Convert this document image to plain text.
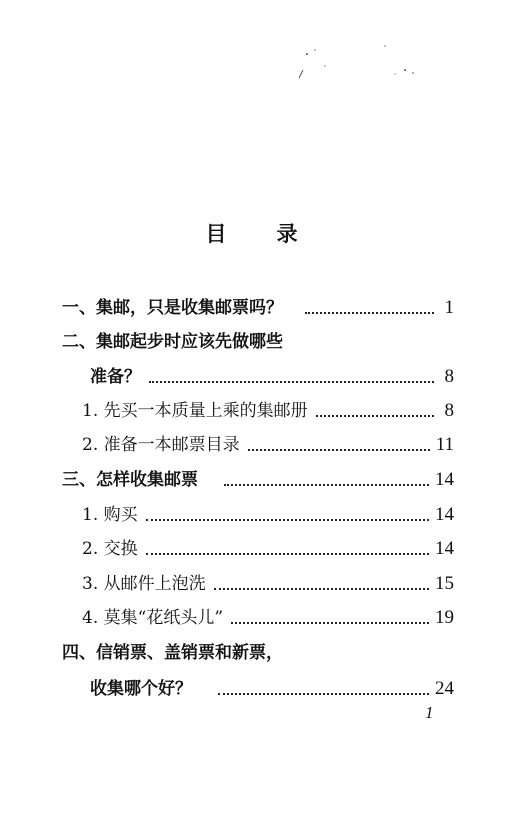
目 录
一、集邮，只是收集邮票吗？	1
二、集邮起步时应该先做哪些
准备？	8
1. 先买一本质量上乘的集邮册	8
2. 准备一本邮票目录	11
三、怎样收集邮票	14
1. 购买	14
2. 交换	14
3. 从邮件上泡洗	15
4. 莫集“花纸头儿”	19
四、信销票、盖销票和新票，
收集哪个好？	24
1
